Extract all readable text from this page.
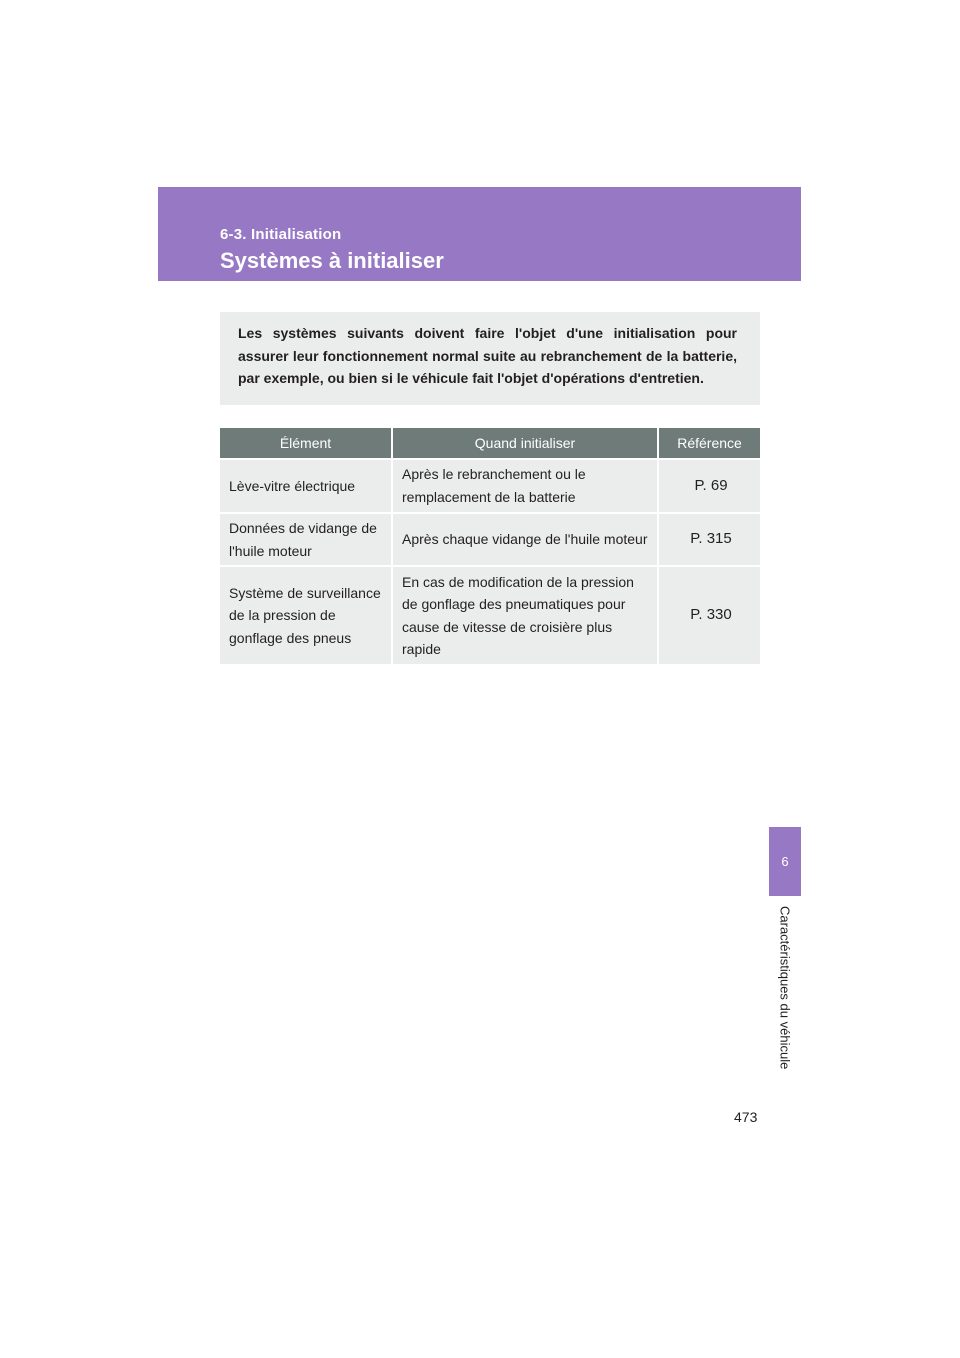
6-3. Initialisation
Systèmes à initialiser

Les systèmes suivants doivent faire l'objet d'une initialisation pour assurer leur fonctionnement normal suite au rebranchement de la batterie, par exemple, ou bien si le véhicule fait l'objet d'opérations d'entretien.

Élément	Quand initialiser	Référence
Lève-vitre électrique	Après le rebranchement ou le remplacement de la batterie	P. 69
Données de vidange de l'huile moteur	Après chaque vidange de l'huile moteur	P. 315
Système de surveillance de la pression de gonflage des pneus	En cas de modification de la pression de gonflage des pneumatiques pour cause de vitesse de croisière plus rapide	P. 330
6
Caractéristiques du véhicule
473
